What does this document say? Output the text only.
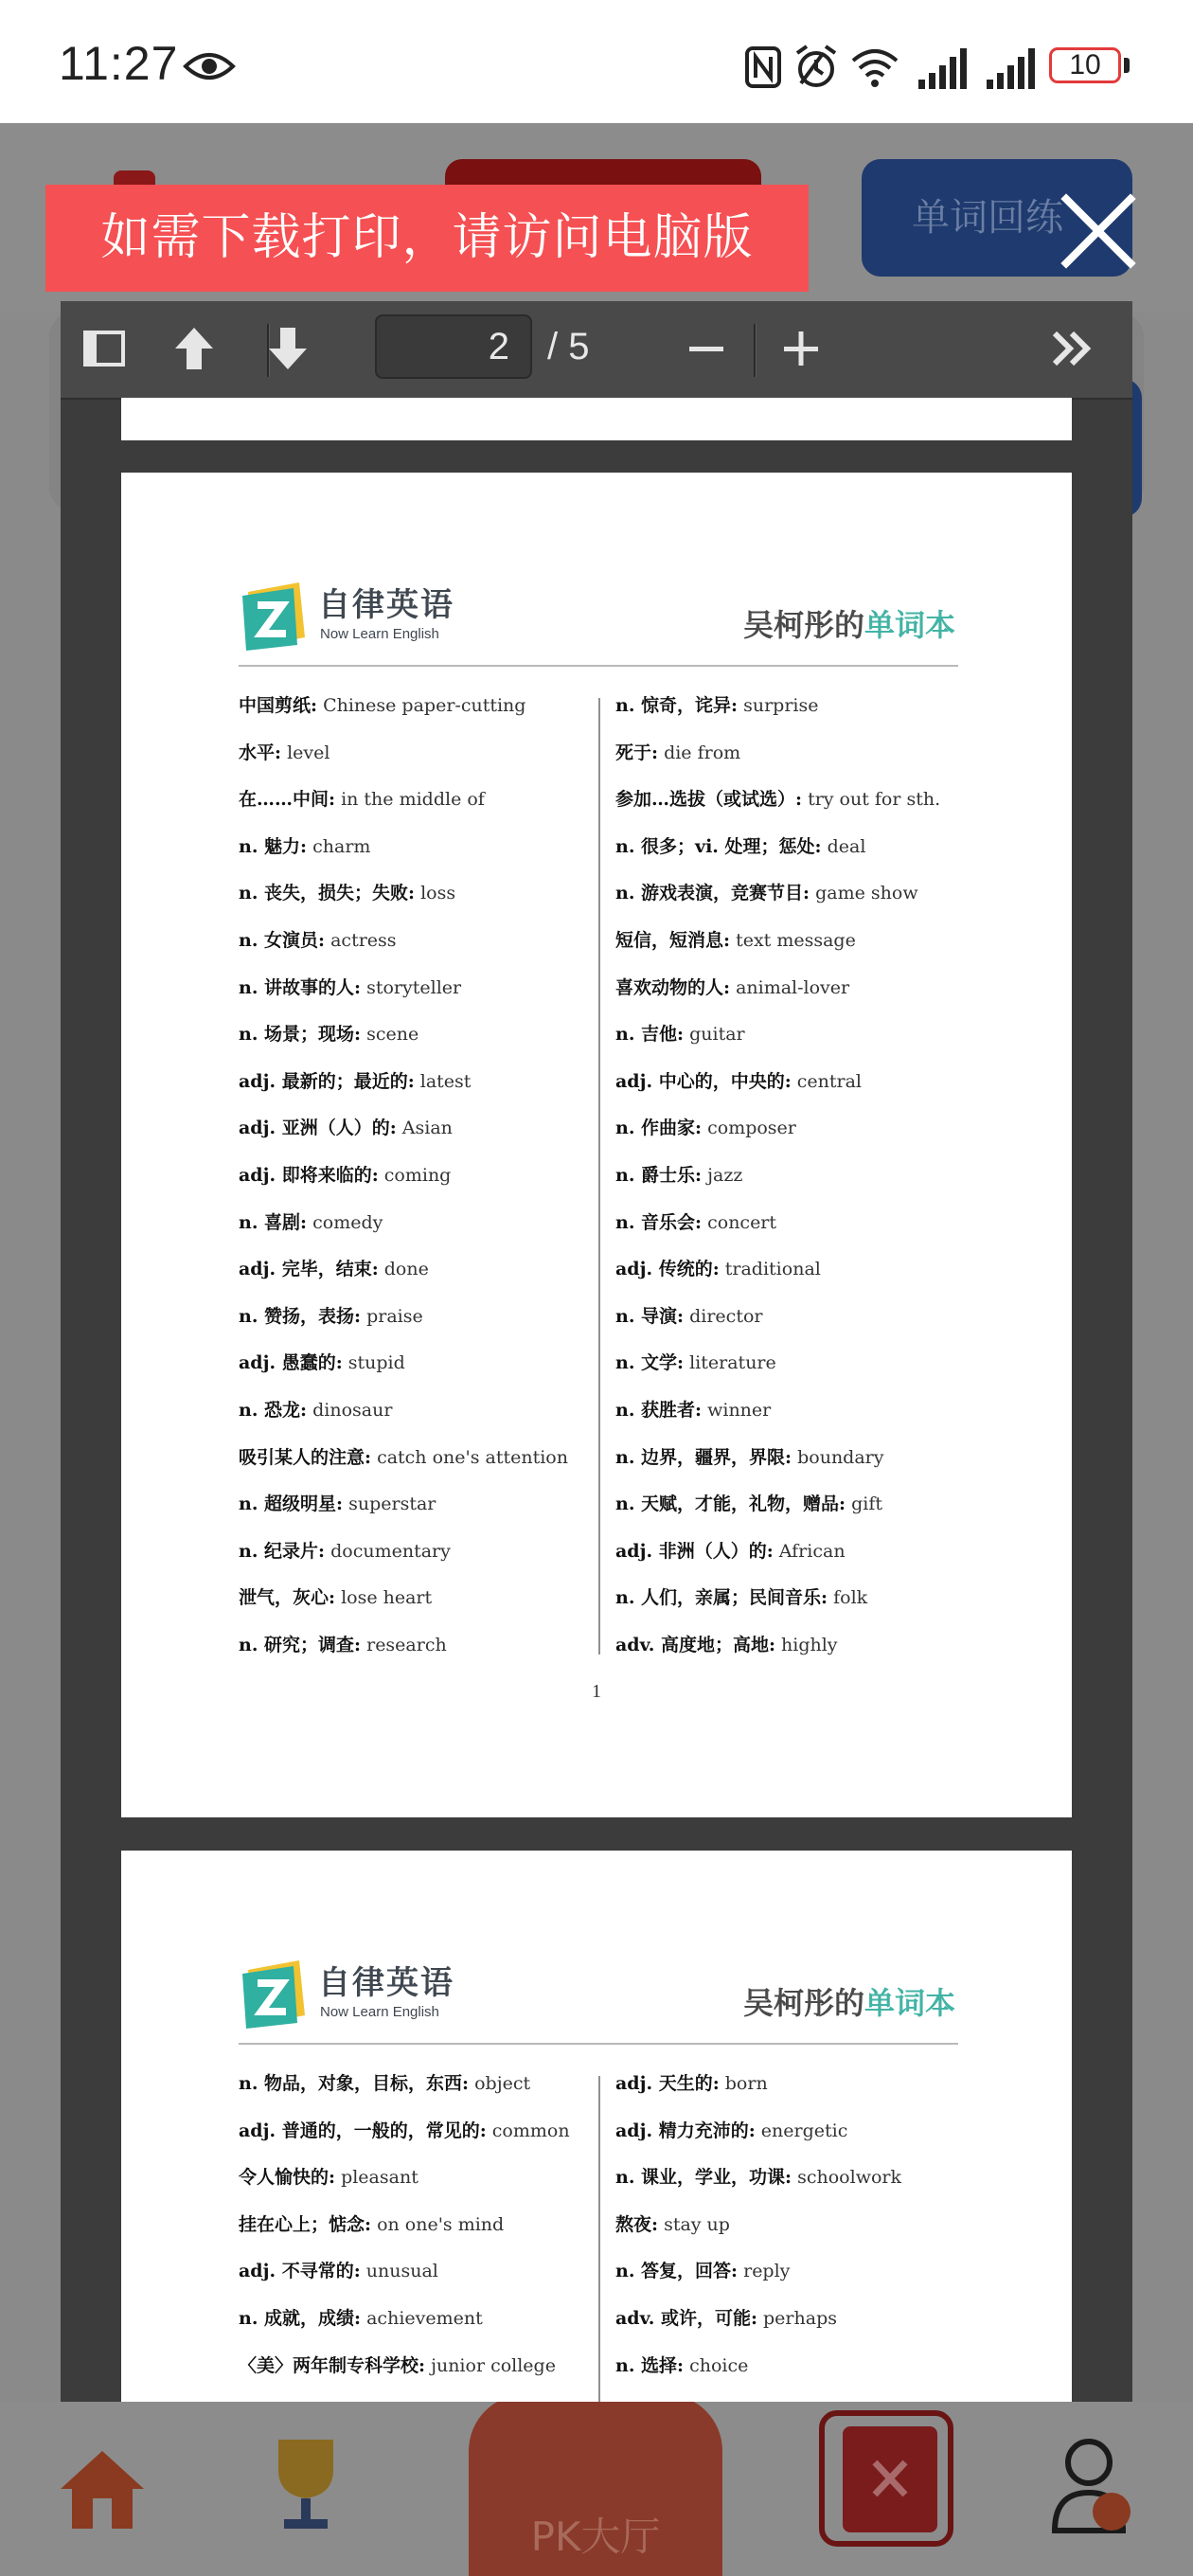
11:27	10
单词回练
如需下载打印，请访问电脑版
2	/ 5
自律英语
Now Learn English	吴柯彤的单词本
中国剪纸: Chinese paper-cutting
水平: level
在……中间: in the middle of
n. 魅力: charm
n. 丧失，损失；失败: loss
n. 女演员: actress
n. 讲故事的人: storyteller
n. 场景；现场: scene
adj. 最新的；最近的: latest
adj. 亚洲（人）的: Asian
adj. 即将来临的: coming
n. 喜剧: comedy
adj. 完毕，结束: done
n. 赞扬，表扬: praise
adj. 愚蠢的: stupid
n. 恐龙: dinosaur
吸引某人的注意: catch one's attention
n. 超级明星: superstar
n. 纪录片: documentary
泄气，灰心: lose heart
n. 研究；调查: research
n. 惊奇，诧异: surprise
死于: die from
参加…选拔（或试选）: try out for sth.
n. 很多；vi. 处理；惩处: deal
n. 游戏表演，竞赛节目: game show
短信，短消息: text message
喜欢动物的人: animal-lover
n. 吉他: guitar
adj. 中心的，中央的: central
n. 作曲家: composer
n. 爵士乐: jazz
n. 音乐会: concert
adj. 传统的: traditional
n. 导演: director
n. 文学: literature
n. 获胜者: winner
n. 边界，疆界，界限: boundary
n. 天赋，才能，礼物，赠品: gift
adj. 非洲（人）的: African
n. 人们，亲属；民间音乐: folk
adv. 高度地；高地: highly
1
自律英语
Now Learn English	吴柯彤的单词本
n. 物品，对象，目标，东西: object
adj. 普通的，一般的，常见的: common
令人愉快的: pleasant
挂在心上；惦念: on one's mind
adj. 不寻常的: unusual
n. 成就，成绩: achievement
〈美〉两年制专科学校: junior college
adj. 天生的: born
adj. 精力充沛的: energetic
n. 课业，学业，功课: schoolwork
熬夜: stay up
n. 答复，回答: reply
adv. 或许，可能: perhaps
n. 选择: choice
PK大厅
